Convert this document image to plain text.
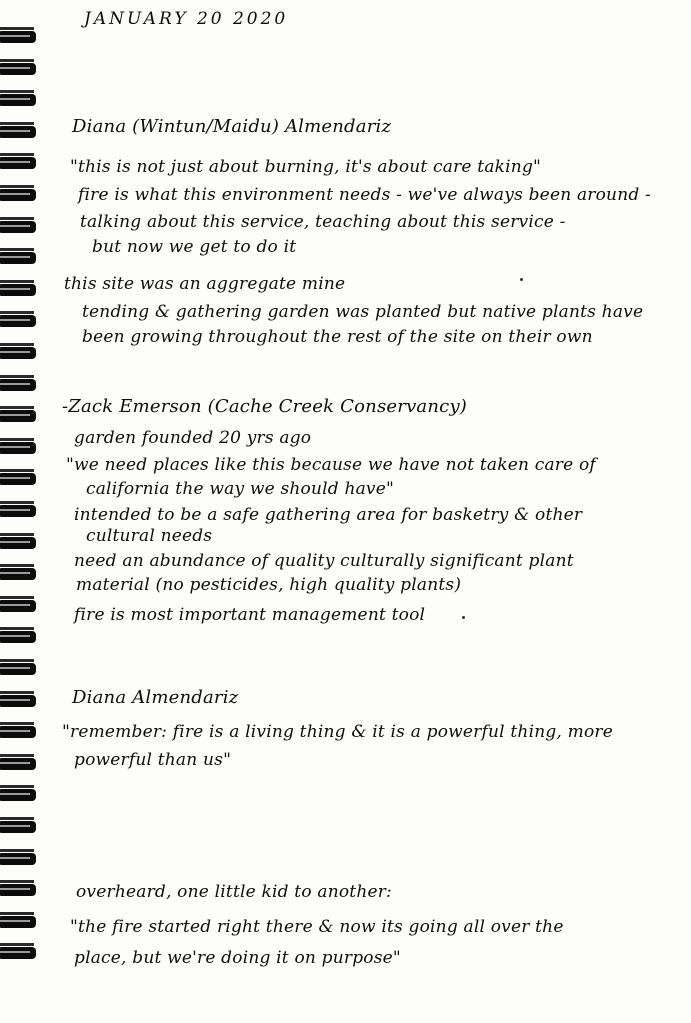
JANUARY 20 2020
Diana (Wintun/Maidu) Almendariz
"this is not just about burning, it's about care taking"
fire is what this environment needs - we've always been around -
talking about this service, teaching about this service -
but now we get to do it
this site was an aggregate mine
tending & gathering garden was planted but native plants have
been growing throughout the rest of the site on their own
-Zack Emerson (Cache Creek Conservancy)
garden founded 20 yrs ago
"we need places like this because we have not taken care of
california the way we should have"
intended to be a safe gathering area for basketry & other
cultural needs
need an abundance of quality culturally significant plant
material (no pesticides, high quality plants)
fire is most important management tool
Diana Almendariz
"remember: fire is a living thing & it is a powerful thing, more
powerful than us"
overheard, one little kid to another:
"the fire started right there & now its going all over the
place, but we're doing it on purpose"
